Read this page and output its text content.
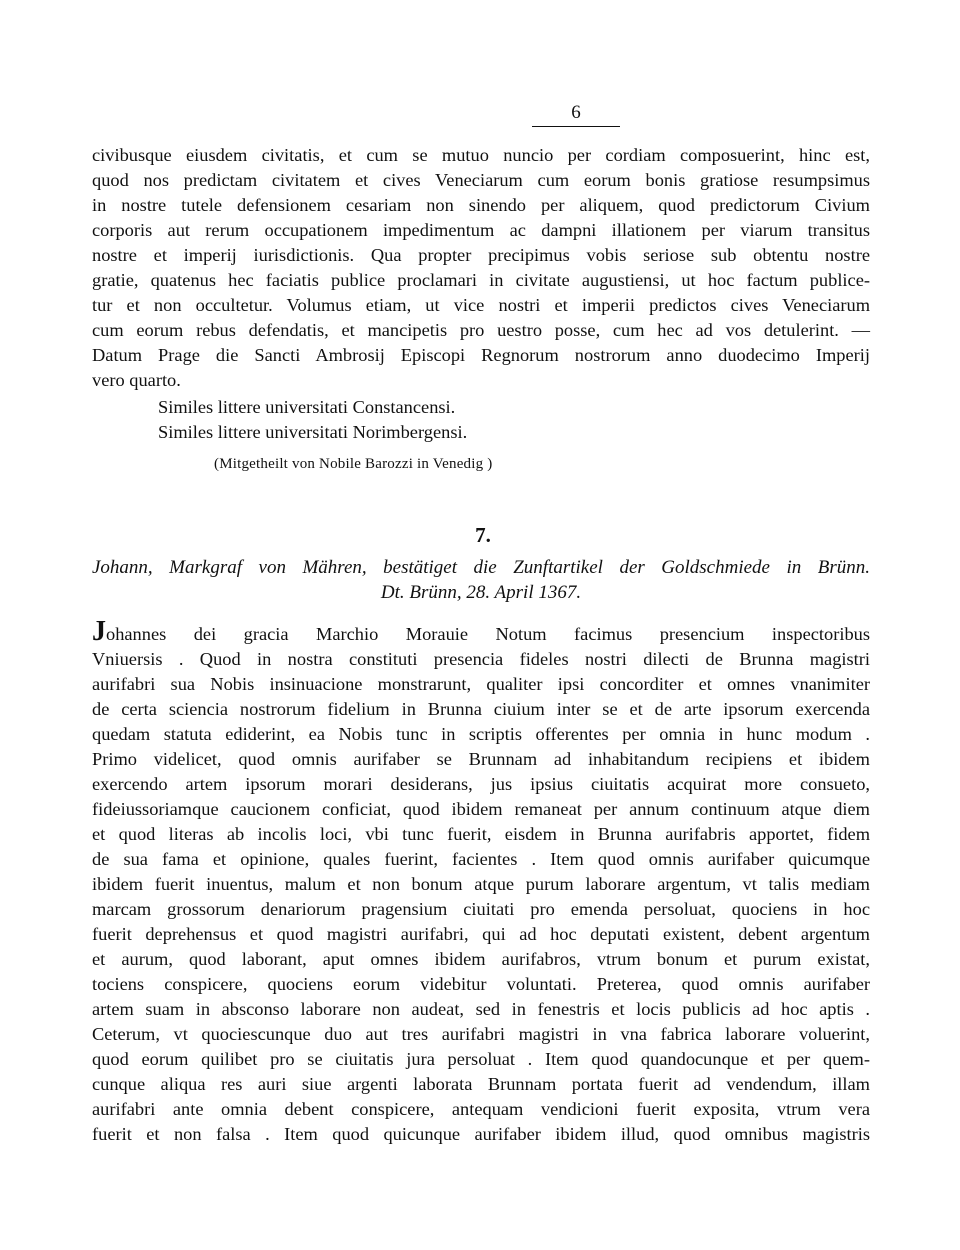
6
civibusque eiusdem civitatis, et cum se mutuo nuncio per cordiam composuerint, hinc est,
quod nos predictam civitatem et cives Veneciarum cum eorum bonis gratiose resumpsimus
in nostre tutele defensionem cesariam non sinendo per aliquem, quod predictorum Civium
corporis aut rerum occupationem impedimentum ac dampni illationem per viarum transitus
nostre et imperij iurisdictionis. Qua propter precipimus vobis seriose sub obtentu nostre
gratie, quatenus hec faciatis publice proclamari in civitate augustiensi, ut hoc factum publice-
tur et non occultetur. Volumus etiam, ut vice nostri et imperii predictos cives Veneciarum
cum eorum rebus defendatis, et mancipetis pro uestro posse, cum hec ad vos detulerint. —
Datum Prage die Sancti Ambrosij Episcopi Regnorum nostrorum anno duodecimo Imperij
vero quarto.
Similes littere universitati Constancensi.
Similes littere universitati Norimbergensi.
(Mitgetheilt von Nobile Barozzi in Venedig )
7.
Johann, Markgraf von Mähren, bestätiget die Zunftartikel der Goldschmiede in Brünn.
Dt. Brünn, 28. April 1367.
Johannes dei gracia Marchio Morauie Notum facimus presencium inspectoribus
Vniuersis . Quod in nostra constituti presencia fideles nostri dilecti de Brunna magistri
aurifabri sua Nobis insinuacione monstrarunt, qualiter ipsi concorditer et omnes vnanimiter
de certa sciencia nostrorum fidelium in Brunna ciuium inter se et de arte ipsorum exercenda
quedam statuta ediderint, ea Nobis tunc in scriptis offerentes per omnia in hunc modum .
Primo videlicet, quod omnis aurifaber se Brunnam ad inhabitandum recipiens et ibidem
exercendo artem ipsorum morari desiderans, jus ipsius ciuitatis acquirat more consueto,
fideiussoriamque caucionem conficiat, quod ibidem remaneat per annum continuum atque diem
et quod literas ab incolis loci, vbi tunc fuerit, eisdem in Brunna aurifabris apportet, fidem
de sua fama et opinione, quales fuerint, facientes . Item quod omnis aurifaber quicumque
ibidem fuerit inuentus, malum et non bonum atque purum laborare argentum, vt talis mediam
marcam grossorum denariorum pragensium ciuitati pro emenda persoluat, quociens in hoc
fuerit deprehensus et quod magistri aurifabri, qui ad hoc deputati existent, debent argentum
et aurum, quod laborant, aput omnes ibidem aurifabros, vtrum bonum et purum existat,
tociens conspicere, quociens eorum videbitur voluntati. Preterea, quod omnis aurifaber
artem suam in absconso laborare non audeat, sed in fenestris et locis publicis ad hoc aptis .
Ceterum, vt quociescunque duo aut tres aurifabri magistri in vna fabrica laborare voluerint,
quod eorum quilibet pro se ciuitatis jura persoluat . Item quod quandocunque et per quem-
cunque aliqua res auri siue argenti laborata Brunnam portata fuerit ad vendendum, illam
aurifabri ante omnia debent conspicere, antequam vendicioni fuerit exposita, vtrum vera
fuerit et non falsa . Item quod quicunque aurifaber ibidem illud, quod omnibus magistris
